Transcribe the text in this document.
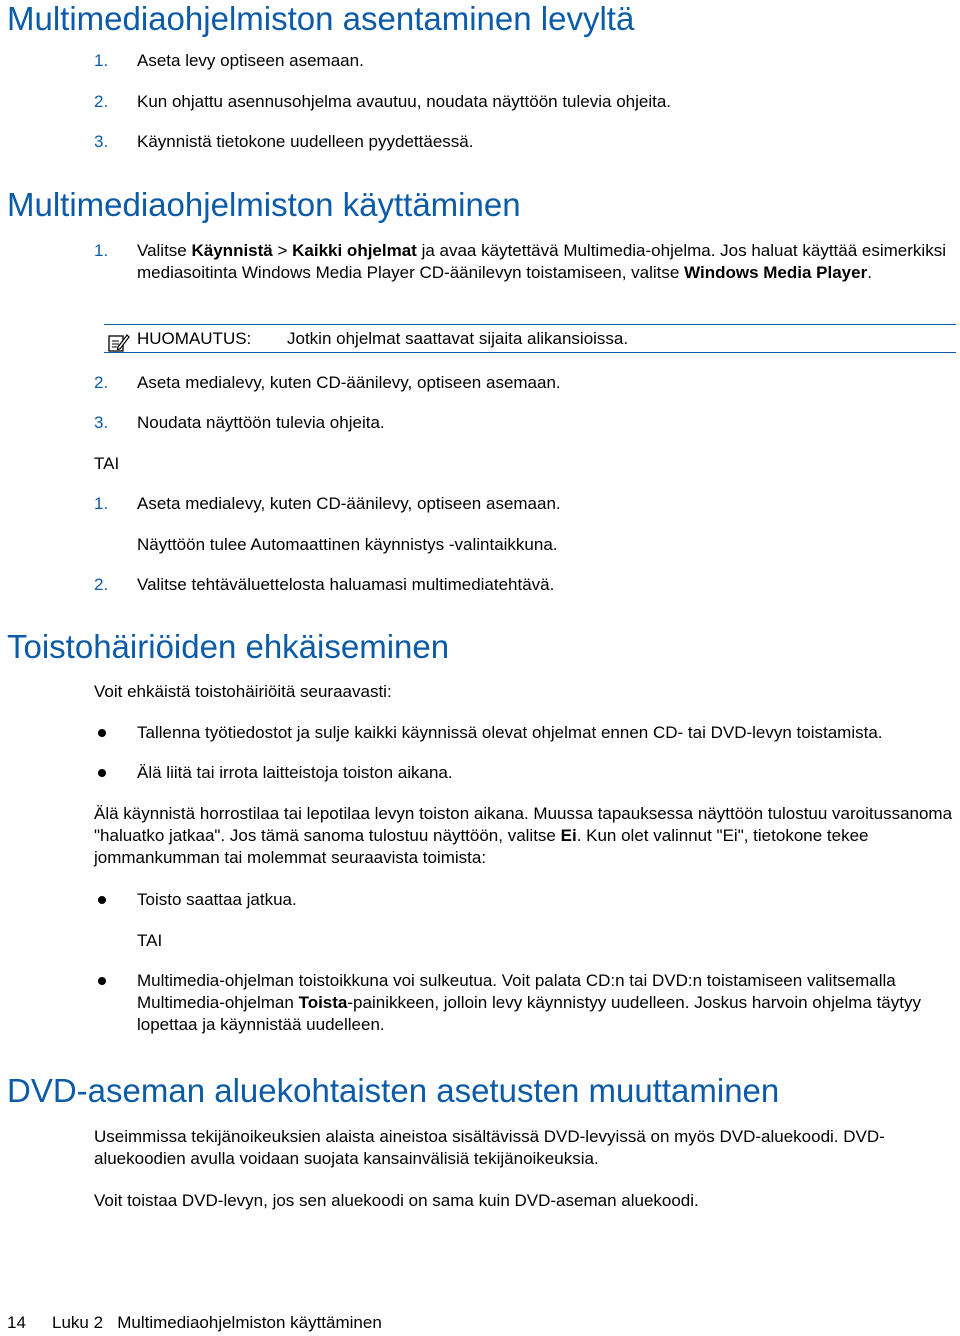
Multimediaohjelmiston asentaminen levyltä
1. Aseta levy optiseen asemaan.
2. Kun ohjattu asennusohjelma avautuu, noudata näyttöön tulevia ohjeita.
3. Käynnistä tietokone uudelleen pyydettäessä.
Multimediaohjelmiston käyttäminen
1. Valitse Käynnistä > Kaikki ohjelmat ja avaa käytettävä Multimedia-ohjelma. Jos haluat käyttää esimerkiksi mediasoitinta Windows Media Player CD-äänilevyn toistamiseen, valitse Windows Media Player.
HUOMAUTUS: Jotkin ohjelmat saattavat sijaita alikansioissa.
2. Aseta medialevy, kuten CD-äänilevy, optiseen asemaan.
3. Noudata näyttöön tulevia ohjeita.
TAI
1. Aseta medialevy, kuten CD-äänilevy, optiseen asemaan.
Näyttöön tulee Automaattinen käynnistys -valintaikkuna.
2. Valitse tehtäväluettelosta haluamasi multimediatehtävä.
Toistohäiriöiden ehkäiseminen
Voit ehkäistä toistohäiriöitä seuraavasti:
Tallenna työtiedostot ja sulje kaikki käynnissä olevat ohjelmat ennen CD- tai DVD-levyn toistamista.
Älä liitä tai irrota laitteistoja toiston aikana.
Älä käynnistä horrostilaa tai lepotilaa levyn toiston aikana. Muussa tapauksessa näyttöön tulostuu varoitussanoma "haluatko jatkaa". Jos tämä sanoma tulostuu näyttöön, valitse Ei. Kun olet valinnut "Ei", tietokone tekee jommankumman tai molemmat seuraavista toimista:
Toisto saattaa jatkua.
TAI
Multimedia-ohjelman toistoikkuna voi sulkeutua. Voit palata CD:n tai DVD:n toistamiseen valitsemalla Multimedia-ohjelman Toista-painikkeen, jolloin levy käynnistyy uudelleen. Joskus harvoin ohjelma täytyy lopettaa ja käynnistää uudelleen.
DVD-aseman aluekohtaisten asetusten muuttaminen
Useimmissa tekijänoikeuksien alaista aineistoa sisältävissä DVD-levyissä on myös DVD-aluekoodi. DVD-aluekoodien avulla voidaan suojata kansainvälisiä tekijänoikeuksia.
Voit toistaa DVD-levyn, jos sen aluekoodi on sama kuin DVD-aseman aluekoodi.
14 Luku 2   Multimediaohjelmiston käyttäminen
